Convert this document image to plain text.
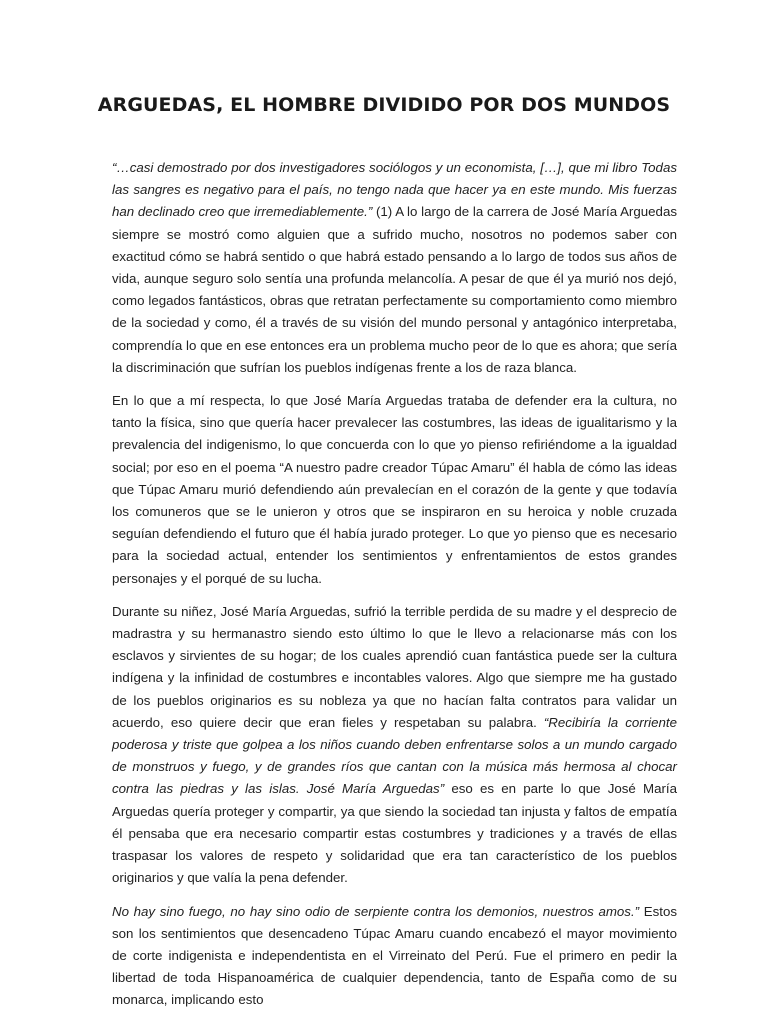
ARGUEDAS, EL HOMBRE DIVIDIDO POR DOS MUNDOS

“…casi demostrado por dos investigadores sociólogos y un economista, […], que mi libro Todas las sangres es negativo para el país, no tengo nada que hacer ya en este mundo. Mis fuerzas han declinado creo que irremediablemente.” (1) A lo largo de la carrera de José María Arguedas siempre se mostró como alguien que a sufrido mucho, nosotros no podemos saber con exactitud cómo se habrá sentido o que habrá estado pensando a lo largo de todos sus años de vida, aunque seguro solo sentía una profunda melancolía. A pesar de que él ya murió nos dejó, como legados fantásticos, obras que retratan perfectamente su comportamiento como miembro de la sociedad y como, él a través de su visión del mundo personal y antagónico interpretaba, comprendía lo que en ese entonces era un problema mucho peor de lo que es ahora; que sería la discriminación que sufrían los pueblos indígenas frente a los de raza blanca.

En lo que a mí respecta, lo que José María Arguedas trataba de defender era la cultura, no tanto la física, sino que quería hacer prevalecer las costumbres, las ideas de igualitarismo y la prevalencia del indigenismo, lo que concuerda con lo que yo pienso refiriéndome a la igualdad social; por eso en el poema “A nuestro padre creador Túpac Amaru” él habla de cómo las ideas que Túpac Amaru murió defendiendo aún prevalecían en el corazón de la gente y que todavía los comuneros que se le unieron y otros que se inspiraron en su heroica y noble cruzada seguían defendiendo el futuro que él había jurado proteger. Lo que yo pienso que es necesario para la sociedad actual, entender los sentimientos y enfrentamientos de estos grandes personajes y el porqué de su lucha.

Durante su niñez, José María Arguedas, sufrió la terrible perdida de su madre y el desprecio de madrastra y su hermanastro siendo esto último lo que le llevo a relacionarse más con los esclavos y sirvientes de su hogar; de los cuales aprendió cuan fantástica puede ser la cultura indígena y la infinidad de costumbres e incontables valores. Algo que siempre me ha gustado de los pueblos originarios es su nobleza ya que no hacían falta contratos para validar un acuerdo, eso quiere decir que eran fieles y respetaban su palabra. “Recibiría la corriente poderosa y triste que golpea a los niños cuando deben enfrentarse solos a un mundo cargado de monstruos y fuego, y de grandes ríos que cantan con la música más hermosa al chocar contra las piedras y las islas. José María Arguedas” eso es en parte lo que José María Arguedas quería proteger y compartir, ya que siendo la sociedad tan injusta y faltos de empatía él pensaba que era necesario compartir estas costumbres y tradiciones y a través de ellas traspasar los valores de respeto y solidaridad que era tan característico de los pueblos originarios y que valía la pena defender.

No hay sino fuego, no hay sino odio de serpiente contra los demonios, nuestros amos.” Estos son los sentimientos que desencadeno Túpac Amaru cuando encabezó el mayor movimiento de corte indigenista e independentista en el Virreinato del Perú. Fue el primero en pedir la libertad de toda Hispanoamérica de cualquier dependencia, tanto de España como de su monarca, implicando esto
